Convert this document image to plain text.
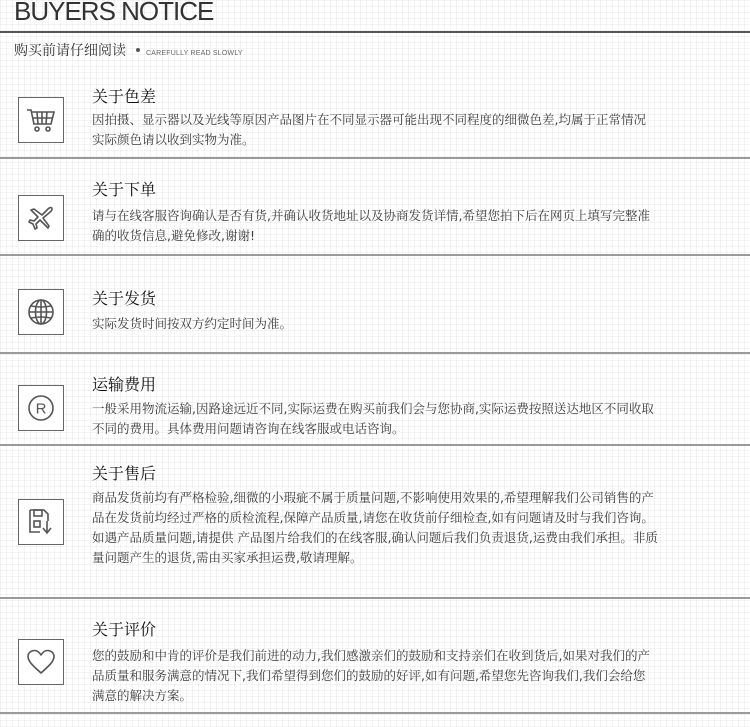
BUYERS NOTICE
购买前请仔细阅读	CAREFULLY READ SLOWLY
关于色差
因拍摄、显示器以及光线等原因产品图片在不同显示器可能出现不同程度的细微色差,均属于正常情况
实际颜色请以收到实物为准。
关于下单
请与在线客服咨询确认是否有货,并确认收货地址以及协商发货详情,希望您拍下后在网页上填写完整准
确的收货信息,避免修改,谢谢!
关于发货
实际发货时间按双方约定时间为准。
R
运输费用
一般采用物流运输,因路途远近不同,实际运费在购买前我们会与您协商,实际运费按照送达地区不同收取
不同的费用。具体费用问题请咨询在线客服或电话咨询。
关于售后
商品发货前均有严格检验,细微的小瑕疵不属于质量问题,不影响使用效果的,希望理解我们公司销售的产
品在发货前均经过严格的质检流程,保障产品质量,请您在收货前仔细检查,如有问题请及时与我们咨询。
如遇产品质量问题,请提供 产品图片给我们的在线客服,确认问题后我们负责退货,运费由我们承担。非质
量问题产生的退货,需由买家承担运费,敬请理解。
关于评价
您的鼓励和中肯的评价是我们前进的动力,我们感激亲们的鼓励和支持亲们在收到货后,如果对我们的产
品质量和服务满意的情况下,我们希望得到您们的鼓励的好评,如有问题,希望您先咨询我们,我们会给您
满意的解决方案。
